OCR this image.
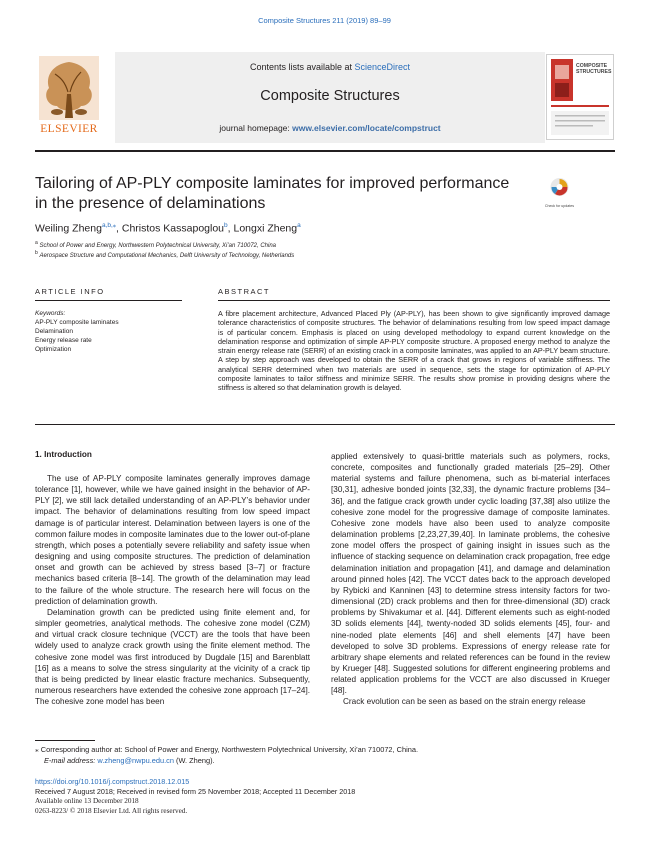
Composite Structures 211 (2019) 89–99
ELSEVIER
Contents lists available at ScienceDirect
Composite Structures
journal homepage: www.elsevier.com/locate/compstruct
COMPOSITE
STRUCTURES
Tailoring of AP-PLY composite laminates for improved performance in the presence of delaminations	Check for updates
Weiling Zheng$^{a,b,⁎}$, Christos Kassapoglou$^b$, Longxi Zheng$^a$
$^a$ School of Power and Energy, Northwestern Polytechnical University, Xi’an 710072, China
$^b$ Aerospace Structure and Computational Mechanics, Delft University of Technology, Netherlands
ARTICLE INFO	ABSTRACT
Keywords:
AP-PLY composite laminates
Delamination
Energy release rate
Optimization
A fibre placement architecture, Advanced Placed Ply (AP-PLY), has been shown to give significantly improved damage tolerance characteristics of composite structures. The behavior of delaminations resulting from low speed impact damage is of particular concern. Emphasis is placed on using developed methodology to expand current knowledge on the delamination response and optimization of simple AP-PLY composite structure. A proposed energy method to analyze the strain energy release rate (SERR) of an existing crack in a composite laminates, was applied to an AP-PLY beam structure. A step by step approach was developed to obtain the SERR of a crack that grows in regions of variable stiffness. The analytical SERR determined when two materials are used in sequence, sets the stage for optimization of AP-PLY composite laminates to tailor stiffness and minimize SERR. The results show promise in providing designs where the stiffness is altered so that delamination growth is delayed.
1. Introduction

The use of AP-PLY composite laminates generally improves damage tolerance [1], however, while we have gained insight in the behavior of AP-PLY [2], we still lack detailed understanding of an AP-PLY’s behavior under impact. The behavior of delaminations resulting from low speed impact damage is of particular interest. Delamination between layers is one of the common failure modes in composite laminates due to the lower out-of-plane strength, which poses a potentially severe reliability and safety issue when designing and using composite structures. The prediction of delamination onset and growth can be achieved by stress based [3–7] or fracture mechanics based criteria [8–14]. The growth of the delamination may lead to the failure of the whole structure. The research here will focus on the prediction of delamination growth.

Delamination growth can be predicted using finite element and, for simpler geometries, analytical methods. The cohesive zone model (CZM) and virtual crack closure technique (VCCT) are the tools that have been widely used to analyze crack growth using the finite element method. The cohesive zone model was first introduced by Dugdale [15] and Barenblatt [16] as a means to solve the stress singularity at the vicinity of a crack tip that is being predicted by linear elastic fracture mechanics. Subsequently, numerous researchers have extended the cohesive zone approach [17–24]. The cohesive zone model has been

applied extensively to quasi-brittle materials such as polymers, rocks, concrete, composites and functionally graded materials [25–29]. Other material systems and failure phenomena, such as bi-material interfaces [30,31], adhesive bonded joints [32,33], the dynamic fracture problems [34–36], and the fatigue crack growth under cyclic loading [37,38] also utilize the cohesive zone model for the progressive damage of composite laminates. Cohesive zone models have also been used to analyze composite delamination problems [2,23,27,39,40]. In laminate problems, the cohesive zone model offers the prospect of gaining insight in issues such as the influence of stacking sequence on delamination crack propagation, free edge delamination initiation and propagation [41], and damage and delamination around pinned holes [42]. The VCCT dates back to the approach developed by Rybicki and Kanninen [43] to determine stress intensity factors for two-dimensional (2D) crack problems and then for three-dimensional (3D) crack problems by Shivakumar et al. [44]. Different elements such as eight-noded 3D solids elements [44], twenty-noded 3D solids elements [45], four- and nine-noded plate elements [46] and shell elements [47] have been developed to solve 3D problems. Expressions of energy release rate for arbitrary shape elements and related references can be found in the review by Krueger [48]. Suggested solutions for different engineering problems and related application problems for the VCCT are also discussed in Krueger [48].

Crack evolution can be seen as based on the strain energy release

⁎ Corresponding author at: School of Power and Energy, Northwestern Polytechnical University, Xi’an 710072, China.
E-mail address: w.zheng@nwpu.edu.cn (W. Zheng).
https://doi.org/10.1016/j.compstruct.2018.12.015
Received 7 August 2018; Received in revised form 25 November 2018; Accepted 11 December 2018
Available online 13 December 2018
0263-8223/ © 2018 Elsevier Ltd. All rights reserved.
